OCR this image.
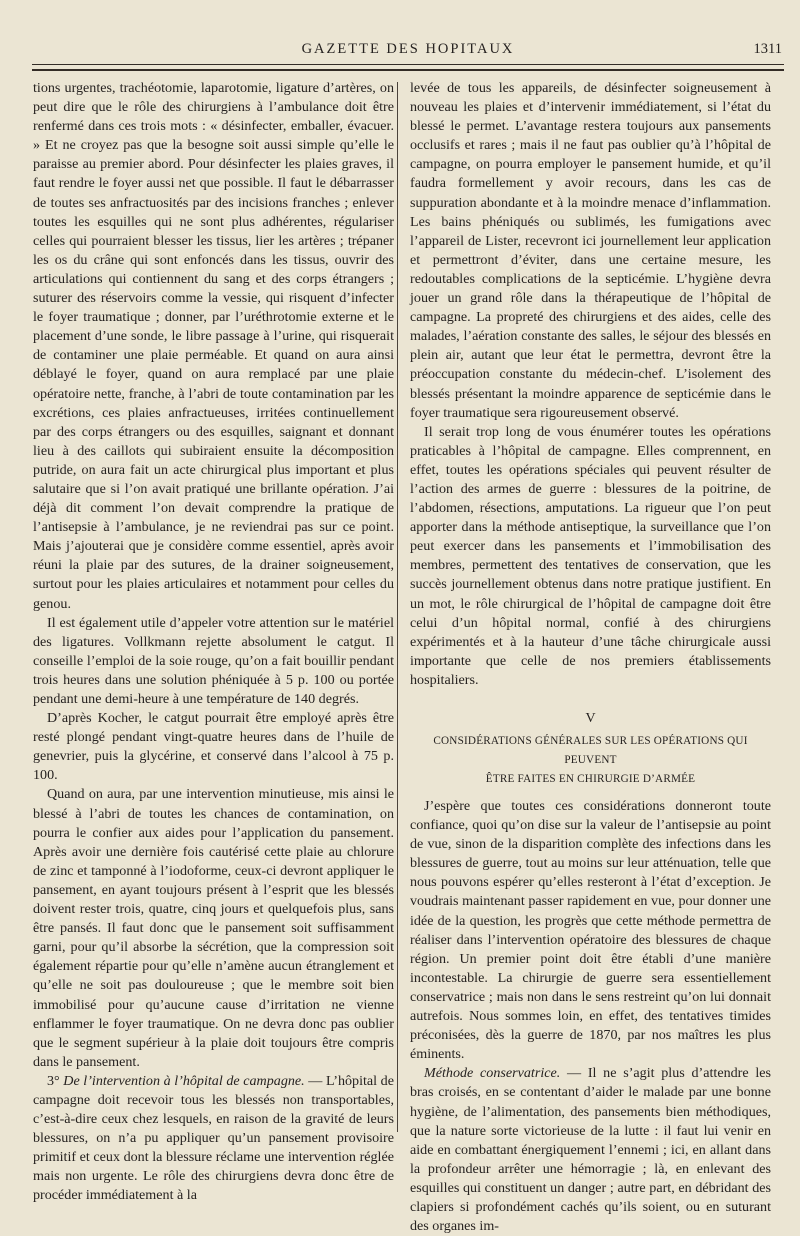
GAZETTE DES HOPITAUX	1311

tions urgentes, trachéotomie, laparotomie, ligature d’artères, on peut dire que le rôle des chirurgiens à l’ambulance doit être renfermé dans ces trois mots : « désinfecter, emballer, évacuer. » Et ne croyez pas que la besogne soit aussi simple qu’elle le paraisse au premier abord. Pour désinfecter les plaies graves, il faut rendre le foyer aussi net que possible. Il faut le débarrasser de toutes ses anfractuosités par des incisions franches ; enlever toutes les esquilles qui ne sont plus adhérentes, régulariser celles qui pourraient blesser les tissus, lier les artères ; trépaner les os du crâne qui sont enfoncés dans les tissus, ouvrir des articulations qui contiennent du sang et des corps étrangers ; suturer des réservoirs comme la vessie, qui risquent d’infecter le foyer traumatique ; donner, par l’uréthrotomie externe et le placement d’une sonde, le libre passage à l’urine, qui risquerait de contaminer une plaie perméable. Et quand on aura ainsi déblayé le foyer, quand on aura remplacé par une plaie opératoire nette, franche, à l’abri de toute contamination par les excrétions, ces plaies anfractueuses, irritées continuellement par des corps étrangers ou des esquilles, saignant et donnant lieu à des caillots qui subiraient ensuite la décomposition putride, on aura fait un acte chirurgical plus important et plus salutaire que si l’on avait pratiqué une brillante opération. J’ai déjà dit comment l’on devait comprendre la pratique de l’antisepsie à l’ambulance, je ne reviendrai pas sur ce point. Mais j’ajouterai que je considère comme essentiel, après avoir réuni la plaie par des sutures, de la drainer soigneusement, surtout pour les plaies articulaires et notamment pour celles du genou.

Il est également utile d’appeler votre attention sur le matériel des ligatures. Vollkmann rejette absolument le catgut. Il conseille l’emploi de la soie rouge, qu’on a fait bouillir pendant trois heures dans une solution phéniquée à 5 p. 100 ou portée pendant une demi-heure à une température de 140 degrés.

D’après Kocher, le catgut pourrait être employé après être resté plongé pendant vingt-quatre heures dans de l’huile de genevrier, puis la glycérine, et conservé dans l’alcool à 75 p. 100.

Quand on aura, par une intervention minutieuse, mis ainsi le blessé à l’abri de toutes les chances de contamination, on pourra le confier aux aides pour l’application du pansement. Après avoir une dernière fois cautérisé cette plaie au chlorure de zinc et tamponné à l’iodoforme, ceux-ci devront appliquer le pansement, en ayant toujours présent à l’esprit que les blessés doivent rester trois, quatre, cinq jours et quelquefois plus, sans être pansés. Il faut donc que le pansement soit suffisamment garni, pour qu’il absorbe la sécrétion, que la compression soit également répartie pour qu’elle n’amène aucun étranglement et qu’elle ne soit pas douloureuse ; que le membre soit bien immobilisé pour qu’aucune cause d’irritation ne vienne enflammer le foyer traumatique. On ne devra donc pas oublier que le segment supérieur à la plaie doit toujours être compris dans le pansement.

3° De l’intervention à l’hôpital de campagne. — L’hôpital de campagne doit recevoir tous les blessés non transportables, c’est-à-dire ceux chez lesquels, en raison de la gravité de leurs blessures, on n’a pu appliquer qu’un pansement provisoire primitif et ceux dont la blessure réclame une intervention réglée mais non urgente. Le rôle des chirurgiens devra donc être de procéder immédiatement à la

levée de tous les appareils, de désinfecter soigneusement à nouveau les plaies et d’intervenir immédiatement, si l’état du blessé le permet. L’avantage restera toujours aux pansements occlusifs et rares ; mais il ne faut pas oublier qu’à l’hôpital de campagne, on pourra employer le pansement humide, et qu’il faudra formellement y avoir recours, dans les cas de suppuration abondante et à la moindre menace d’inflammation. Les bains phéniqués ou sublimés, les fumigations avec l’appareil de Lister, recevront ici journellement leur application et permettront d’éviter, dans une certaine mesure, les redoutables complications de la septicémie. L’hygiène devra jouer un grand rôle dans la thérapeutique de l’hôpital de campagne. La propreté des chirurgiens et des aides, celle des malades, l’aération constante des salles, le séjour des blessés en plein air, autant que leur état le permettra, devront être la préoccupation constante du médecin-chef. L’isolement des blessés présentant la moindre apparence de septicémie dans le foyer traumatique sera rigoureusement observé.

Il serait trop long de vous énumérer toutes les opérations praticables à l’hôpital de campagne. Elles comprennent, en effet, toutes les opérations spéciales qui peuvent résulter de l’action des armes de guerre : blessures de la poitrine, de l’abdomen, résections, amputations. La rigueur que l’on peut apporter dans la méthode antiseptique, la surveillance que l’on peut exercer dans les pansements et l’immobilisation des membres, permettent des tentatives de conservation, que les succès journellement obtenus dans notre pratique justifient. En un mot, le rôle chirurgical de l’hôpital de campagne doit être celui d’un hôpital normal, confié à des chirurgiens expérimentés et à la hauteur d’une tâche chirurgicale aussi importante que celle de nos premiers établissements hospitaliers.

V
CONSIDÉRATIONS GÉNÉRALES SUR LES OPÉRATIONS QUI PEUVENT
ÊTRE FAITES EN CHIRURGIE D’ARMÉE

J’espère que toutes ces considérations donneront toute confiance, quoi qu’on dise sur la valeur de l’antisepsie au point de vue, sinon de la disparition complète des infections dans les blessures de guerre, tout au moins sur leur atténuation, telle que nous pouvons espérer qu’elles resteront à l’état d’exception. Je voudrais maintenant passer rapidement en vue, pour donner une idée de la question, les progrès que cette méthode permettra de réaliser dans l’intervention opératoire des blessures de chaque région. Un premier point doit être établi d’une manière incontestable. La chirurgie de guerre sera essentiellement conservatrice ; mais non dans le sens restreint qu’on lui donnait autrefois. Nous sommes loin, en effet, des tentatives timides préconisées, dès la guerre de 1870, par nos maîtres les plus éminents.

Méthode conservatrice. — Il ne s’agit plus d’attendre les bras croisés, en se contentant d’aider le malade par une bonne hygiène, de l’alimentation, des pansements bien méthodiques, que la nature sorte victorieuse de la lutte : il faut lui venir en aide en combattant énergiquement l’ennemi ; ici, en allant dans la profondeur arrêter une hémorragie ; là, en enlevant des esquilles qui constituent un danger ; autre part, en débridant des clapiers si profondément cachés qu’ils soient, ou en suturant des organes im-
